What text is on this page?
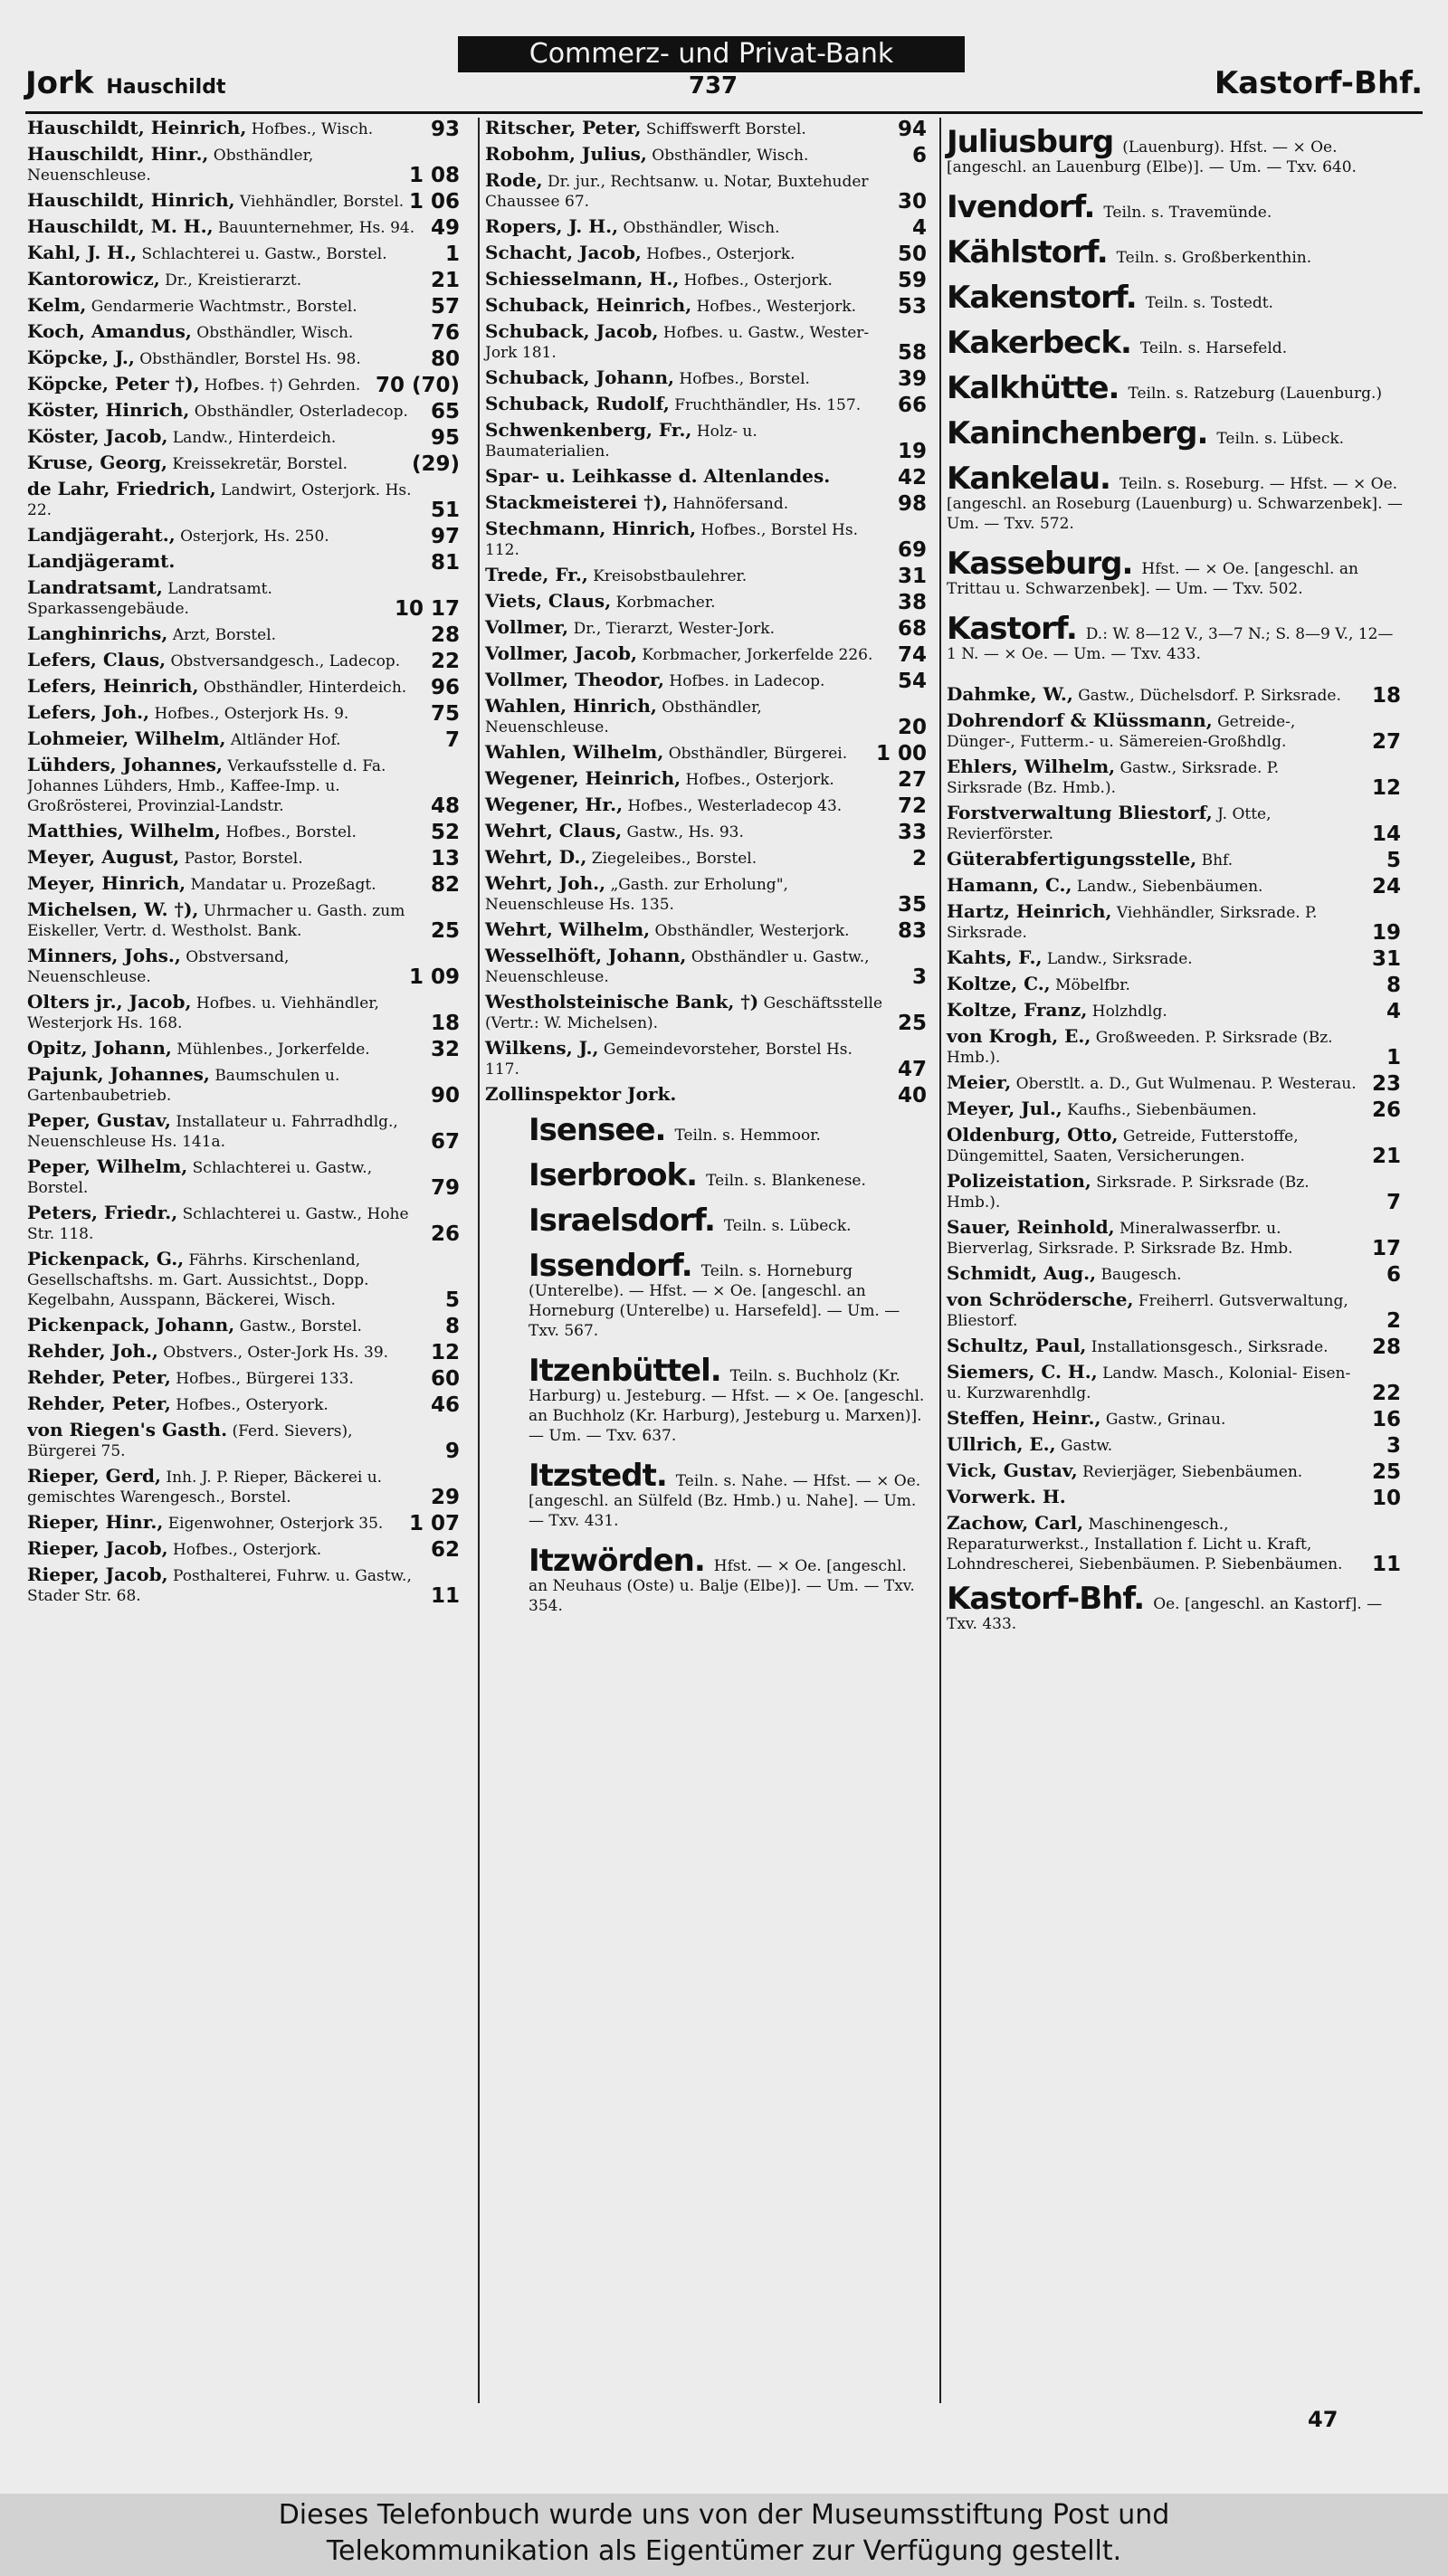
Jork Hauschildt
Commerz- und Privat-Bank
737	Kastorf-Bhf.
Hauschildt, Heinrich, Hofbes., Wisch.	93
Hauschildt, Hinr., Obsthändler, Neuenschleuse.	1 08
Hauschildt, Hinrich, Viehhändler, Borstel. 1 06
Hauschildt, M. H., Bauunternehmer, Hs. 94. 49
Kahl, J. H., Schlachterei u. Gastw., Borstel.	1
Kantorowicz, Dr., Kreistierarzt.	21
Kelm, Gendarmerie Wachtmstr., Borstel.	57
Koch, Amandus, Obsthändler, Wisch.	76
Köpcke, J., Obsthändler, Borstel Hs. 98.	80
Köpcke, Peter †), Hofbes. †) Gehrden. 70 (70)
Köster, Hinrich, Obsthändler, Osterladecop. 65
Köster, Jacob, Landw., Hinterdeich.	95
Kruse, Georg, Kreissekretär, Borstel.	(29)
de Lahr, Friedrich, Landwirt, Osterjork. Hs. 22.	51
Landjägeraht., Osterjork, Hs. 250.	97
Landjägeramt.	81
Landratsamt, Landratsamt. Sparkassengebäude.	10 17
Langhinrichs, Arzt, Borstel.	28
Lefers, Claus, Obstversandgesch., Ladecop. 22
Lefers, Heinrich, Obsthändler, Hinterdeich. 96
Lefers, Joh., Hofbes., Osterjork Hs. 9.	75
Lohmeier, Wilhelm, Altländer Hof.	7
Lühders, Johannes, Verkaufsstelle d. Fa. Johannes Lühders, Hmb., Kaffee-Imp. u. Großrösterei, Provinzial-Landstr.	48
Matthies, Wilhelm, Hofbes., Borstel.	52
Meyer, August, Pastor, Borstel.	13
Meyer, Hinrich, Mandatar u. Prozeßagt.	82
Michelsen, W. †), Uhrmacher u. Gasth. zum Eiskeller, Vertr. d. Westholst. Bank.	25
Minners, Johs., Obstversand, Neuenschleuse.	1 09
Olters jr., Jacob, Hofbes. u. Viehhändler, Westerjork Hs. 168.	18
Opitz, Johann, Mühlenbes., Jorkerfelde.	32
Pajunk, Johannes, Baumschulen u. Gartenbaubetrieb.	90
Peper, Gustav, Installateur u. Fahrradhdlg., Neuenschleuse Hs. 141a.	67
Peper, Wilhelm, Schlachterei u. Gastw., Borstel.	79
Peters, Friedr., Schlachterei u. Gastw., Hohe Str. 118.	26
Pickenpack, G., Fährhs. Kirschenland, Gesellschaftshs. m. Gart. Aussichtst., Dopp. Kegelbahn, Ausspann, Bäckerei, Wisch.	5
Pickenpack, Johann, Gastw., Borstel.	8
Rehder, Joh., Obstvers., Oster-Jork Hs. 39. 12
Rehder, Peter, Hofbes., Bürgerei 133.	60
Rehder, Peter, Hofbes., Osteryork.	46
von Riegen's Gasth. (Ferd. Sievers), Bürgerei 75.	9
Rieper, Gerd, Inh. J. P. Rieper, Bäckerei u. gemischtes Warengesch., Borstel.	29
Rieper, Hinr., Eigenwohner, Osterjork 35. 1 07
Rieper, Jacob, Hofbes., Osterjork.	62
Rieper, Jacob, Posthalterei, Fuhrw. u. Gastw., Stader Str. 68.	11
Ritscher, Peter, Schiffswerft Borstel.	94
Robohm, Julius, Obsthändler, Wisch.	6
Rode, Dr. jur., Rechtsanw. u. Notar, Buxtehuder Chaussee 67.	30
Ropers, J. H., Obsthändler, Wisch.	4
Schacht, Jacob, Hofbes., Osterjork.	50
Schiesselmann, H., Hofbes., Osterjork.	59
Schuback, Heinrich, Hofbes., Westerjork. 53
Schuback, Jacob, Hofbes. u. Gastw., Wester-Jork 181.	58
Schuback, Johann, Hofbes., Borstel.	39
Schuback, Rudolf, Fruchthändler, Hs. 157. 66
Schwenkenberg, Fr., Holz- u. Baumaterialien.	19
Spar- u. Leihkasse d. Altenlandes.	42
Stackmeisterei †), Hahnöfersand.	98
Stechmann, Hinrich, Hofbes., Borstel Hs. 112.	69
Trede, Fr., Kreisobstbaulehrer.	31
Viets, Claus, Korbmacher.	38
Vollmer, Dr., Tierarzt, Wester-Jork.	68
Vollmer, Jacob, Korbmacher, Jorkerfelde 226. 74
Vollmer, Theodor, Hofbes. in Ladecop.	54
Wahlen, Hinrich, Obsthändler, Neuenschleuse.	20
Wahlen, Wilhelm, Obsthändler, Bürgerei. 1 00
Wegener, Heinrich, Hofbes., Osterjork.	27
Wegener, Hr., Hofbes., Westerladecop 43.	72
Wehrt, Claus, Gastw., Hs. 93.	33
Wehrt, D., Ziegeleibes., Borstel.	2
Wehrt, Joh., „Gasth. zur Erholung", Neuenschleuse Hs. 135.	35
Wehrt, Wilhelm, Obsthändler, Westerjork. 83
Wesselhöft, Johann, Obsthändler u. Gastw., Neuenschleuse.	3
Westholsteinische Bank, †) Geschäftsstelle (Vertr.: W. Michelsen).	25
Wilkens, J., Gemeindevorsteher, Borstel Hs. 117.	47
Zollinspektor Jork.	40
Isensee. Teiln. s. Hemmoor.
Iserbrook. Teiln. s. Blankenese.
Israelsdorf. Teiln. s. Lübeck.
Issendorf. Teiln. s. Horneburg (Unterelbe). — Hfst. — × Oe. [angeschl. an Horneburg (Unterelbe) u. Harsefeld]. — Um. — Txv. 567.
Itzenbüttel. Teiln. s. Buchholz (Kr. Harburg) u. Jesteburg. — Hfst. — × Oe. [angeschl. an Buchholz (Kr. Harburg), Jesteburg u. Marxen)]. — Um. — Txv. 637.
Itzstedt. Teiln. s. Nahe. — Hfst. — × Oe. [angeschl. an Sülfeld (Bz. Hmb.) u. Nahe]. — Um. — Txv. 431.
Itzwörden. Hfst. — × Oe. [angeschl. an Neuhaus (Oste) u. Balje (Elbe)]. — Um. — Txv. 354.
Juliusburg (Lauenburg). Hfst. — × Oe. [angeschl. an Lauenburg (Elbe)]. — Um. — Txv. 640.
Ivendorf. Teiln. s. Travemünde.
Kählstorf. Teiln. s. Großberkenthin.
Kakenstorf. Teiln. s. Tostedt.
Kakerbeck. Teiln. s. Harsefeld.
Kalkhütte. Teiln. s. Ratzeburg (Lauenburg.)
Kaninchenberg. Teiln. s. Lübeck.
Kankelau. Teiln. s. Roseburg. — Hfst. — × Oe. [angeschl. an Roseburg (Lauenburg) u. Schwarzenbek]. — Um. — Txv. 572.
Kasseburg. Hfst. — × Oe. [angeschl. an Trittau u. Schwarzenbek]. — Um. — Txv. 502.
Kastorf. D.: W. 8—12 V., 3—7 N.; S. 8—9 V., 12—1 N. — × Oe. — Um. — Txv. 433.
Dahmke, W., Gastw., Düchelsdorf. P. Sirksrade. 18
Dohrendorf & Klüssmann, Getreide-, Dünger-, Futterm.- u. Sämereien-Großhdlg.	27
Ehlers, Wilhelm, Gastw., Sirksrade. P. Sirksrade (Bz. Hmb.).	12
Forstverwaltung Bliestorf, J. Otte, Revierförster.	14
Güterabfertigungsstelle, Bhf.	5
Hamann, C., Landw., Siebenbäumen.	24
Hartz, Heinrich, Viehhändler, Sirksrade. P. Sirksrade.	19
Kahts, F., Landw., Sirksrade.	31
Koltze, C., Möbelfbr.	8
Koltze, Franz, Holzhdlg.	4
von Krogh, E., Großweeden. P. Sirksrade (Bz. Hmb.).	1
Meier, Oberstlt. a. D., Gut Wulmenau. P. Westerau. 23
Meyer, Jul., Kaufhs., Siebenbäumen.	26
Oldenburg, Otto, Getreide, Futterstoffe, Düngemittel, Saaten, Versicherungen.	21
Polizeistation, Sirksrade. P. Sirksrade (Bz. Hmb.).	7
Sauer, Reinhold, Mineralwasserfbr. u. Bierverlag, Sirksrade. P. Sirksrade Bz. Hmb.	17
Schmidt, Aug., Baugesch.	6
von Schrödersche, Freiherrl. Gutsverwaltung, Bliestorf.	2
Schultz, Paul, Installationsgesch., Sirksrade. 28
Siemers, C. H., Landw. Masch., Kolonial- Eisen- u. Kurzwarenhdlg.	22
Steffen, Heinr., Gastw., Grinau.	16
Ullrich, E., Gastw.	3
Vick, Gustav, Revierjäger, Siebenbäumen.	25
Vorwerk. H.	10
Zachow, Carl, Maschinengesch., Reparaturwerkst., Installation f. Licht u. Kraft, Lohndrescherei, Siebenbäumen. P. Siebenbäumen. 11
Kastorf-Bhf. Oe. [angeschl. an Kastorf]. — Txv. 433.
47
Dieses Telefonbuch wurde uns von der Museumsstiftung Post und
Telekommunikation als Eigentümer zur Verfügung gestellt.
